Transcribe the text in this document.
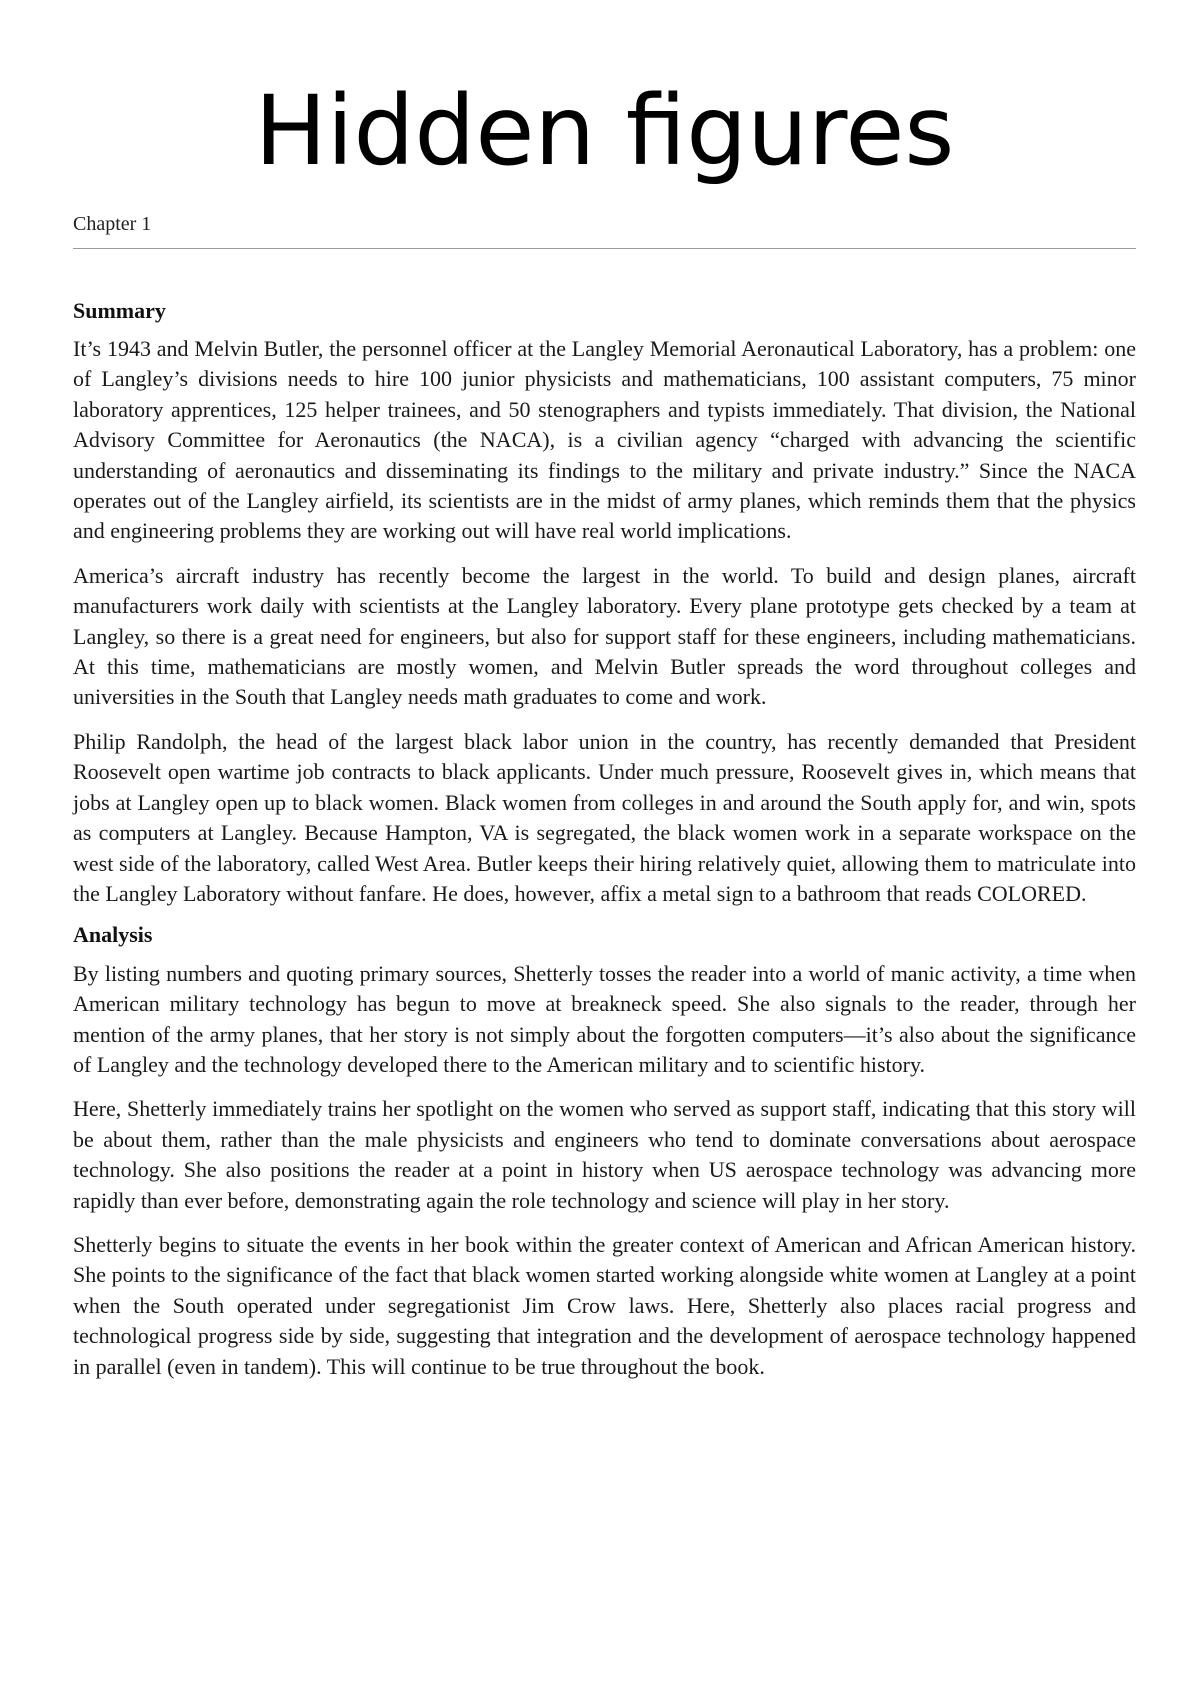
Hidden figures
Chapter 1
Summary

It’s 1943 and Melvin Butler, the personnel officer at the Langley Memorial Aeronautical Laboratory, has a problem: one of Langley’s divisions needs to hire 100 junior physicists and mathematicians, 100 assistant computers, 75 minor laboratory apprentices, 125 helper trainees, and 50 stenographers and typists immediately. That division, the National Advisory Committee for Aeronautics (the NACA), is a civilian agency “charged with advancing the scientific understanding of aeronautics and disseminating its findings to the military and private industry.” Since the NACA operates out of the Langley airfield, its scientists are in the midst of army planes, which reminds them that the physics and engineering problems they are working out will have real world implications.

America’s aircraft industry has recently become the largest in the world. To build and design planes, aircraft manufacturers work daily with scientists at the Langley laboratory. Every plane prototype gets checked by a team at Langley, so there is a great need for engineers, but also for support staff for these engineers, including mathematicians. At this time, mathematicians are mostly women, and Melvin Butler spreads the word throughout colleges and universities in the South that Langley needs math graduates to come and work.

Philip Randolph, the head of the largest black labor union in the country, has recently demanded that President Roosevelt open wartime job contracts to black applicants. Under much pressure, Roosevelt gives in, which means that jobs at Langley open up to black women. Black women from colleges in and around the South apply for, and win, spots as computers at Langley. Because Hampton, VA is segregated, the black women work in a separate workspace on the west side of the laboratory, called West Area. Butler keeps their hiring relatively quiet, allowing them to matriculate into the Langley Laboratory without fanfare. He does, however, affix a metal sign to a bathroom that reads COLORED.

Analysis

By listing numbers and quoting primary sources, Shetterly tosses the reader into a world of manic activity, a time when American military technology has begun to move at breakneck speed. She also signals to the reader, through her mention of the army planes, that her story is not simply about the forgotten computers—it’s also about the significance of Langley and the technology developed there to the American military and to scientific history.

Here, Shetterly immediately trains her spotlight on the women who served as support staff, indicating that this story will be about them, rather than the male physicists and engineers who tend to dominate conversations about aerospace technology. She also positions the reader at a point in history when US aerospace technology was advancing more rapidly than ever before, demonstrating again the role technology and science will play in her story.

Shetterly begins to situate the events in her book within the greater context of American and African American history. She points to the significance of the fact that black women started working alongside white women at Langley at a point when the South operated under segregationist Jim Crow laws. Here, Shetterly also places racial progress and technological progress side by side, suggesting that integration and the development of aerospace technology happened in parallel (even in tandem). This will continue to be true throughout the book.
